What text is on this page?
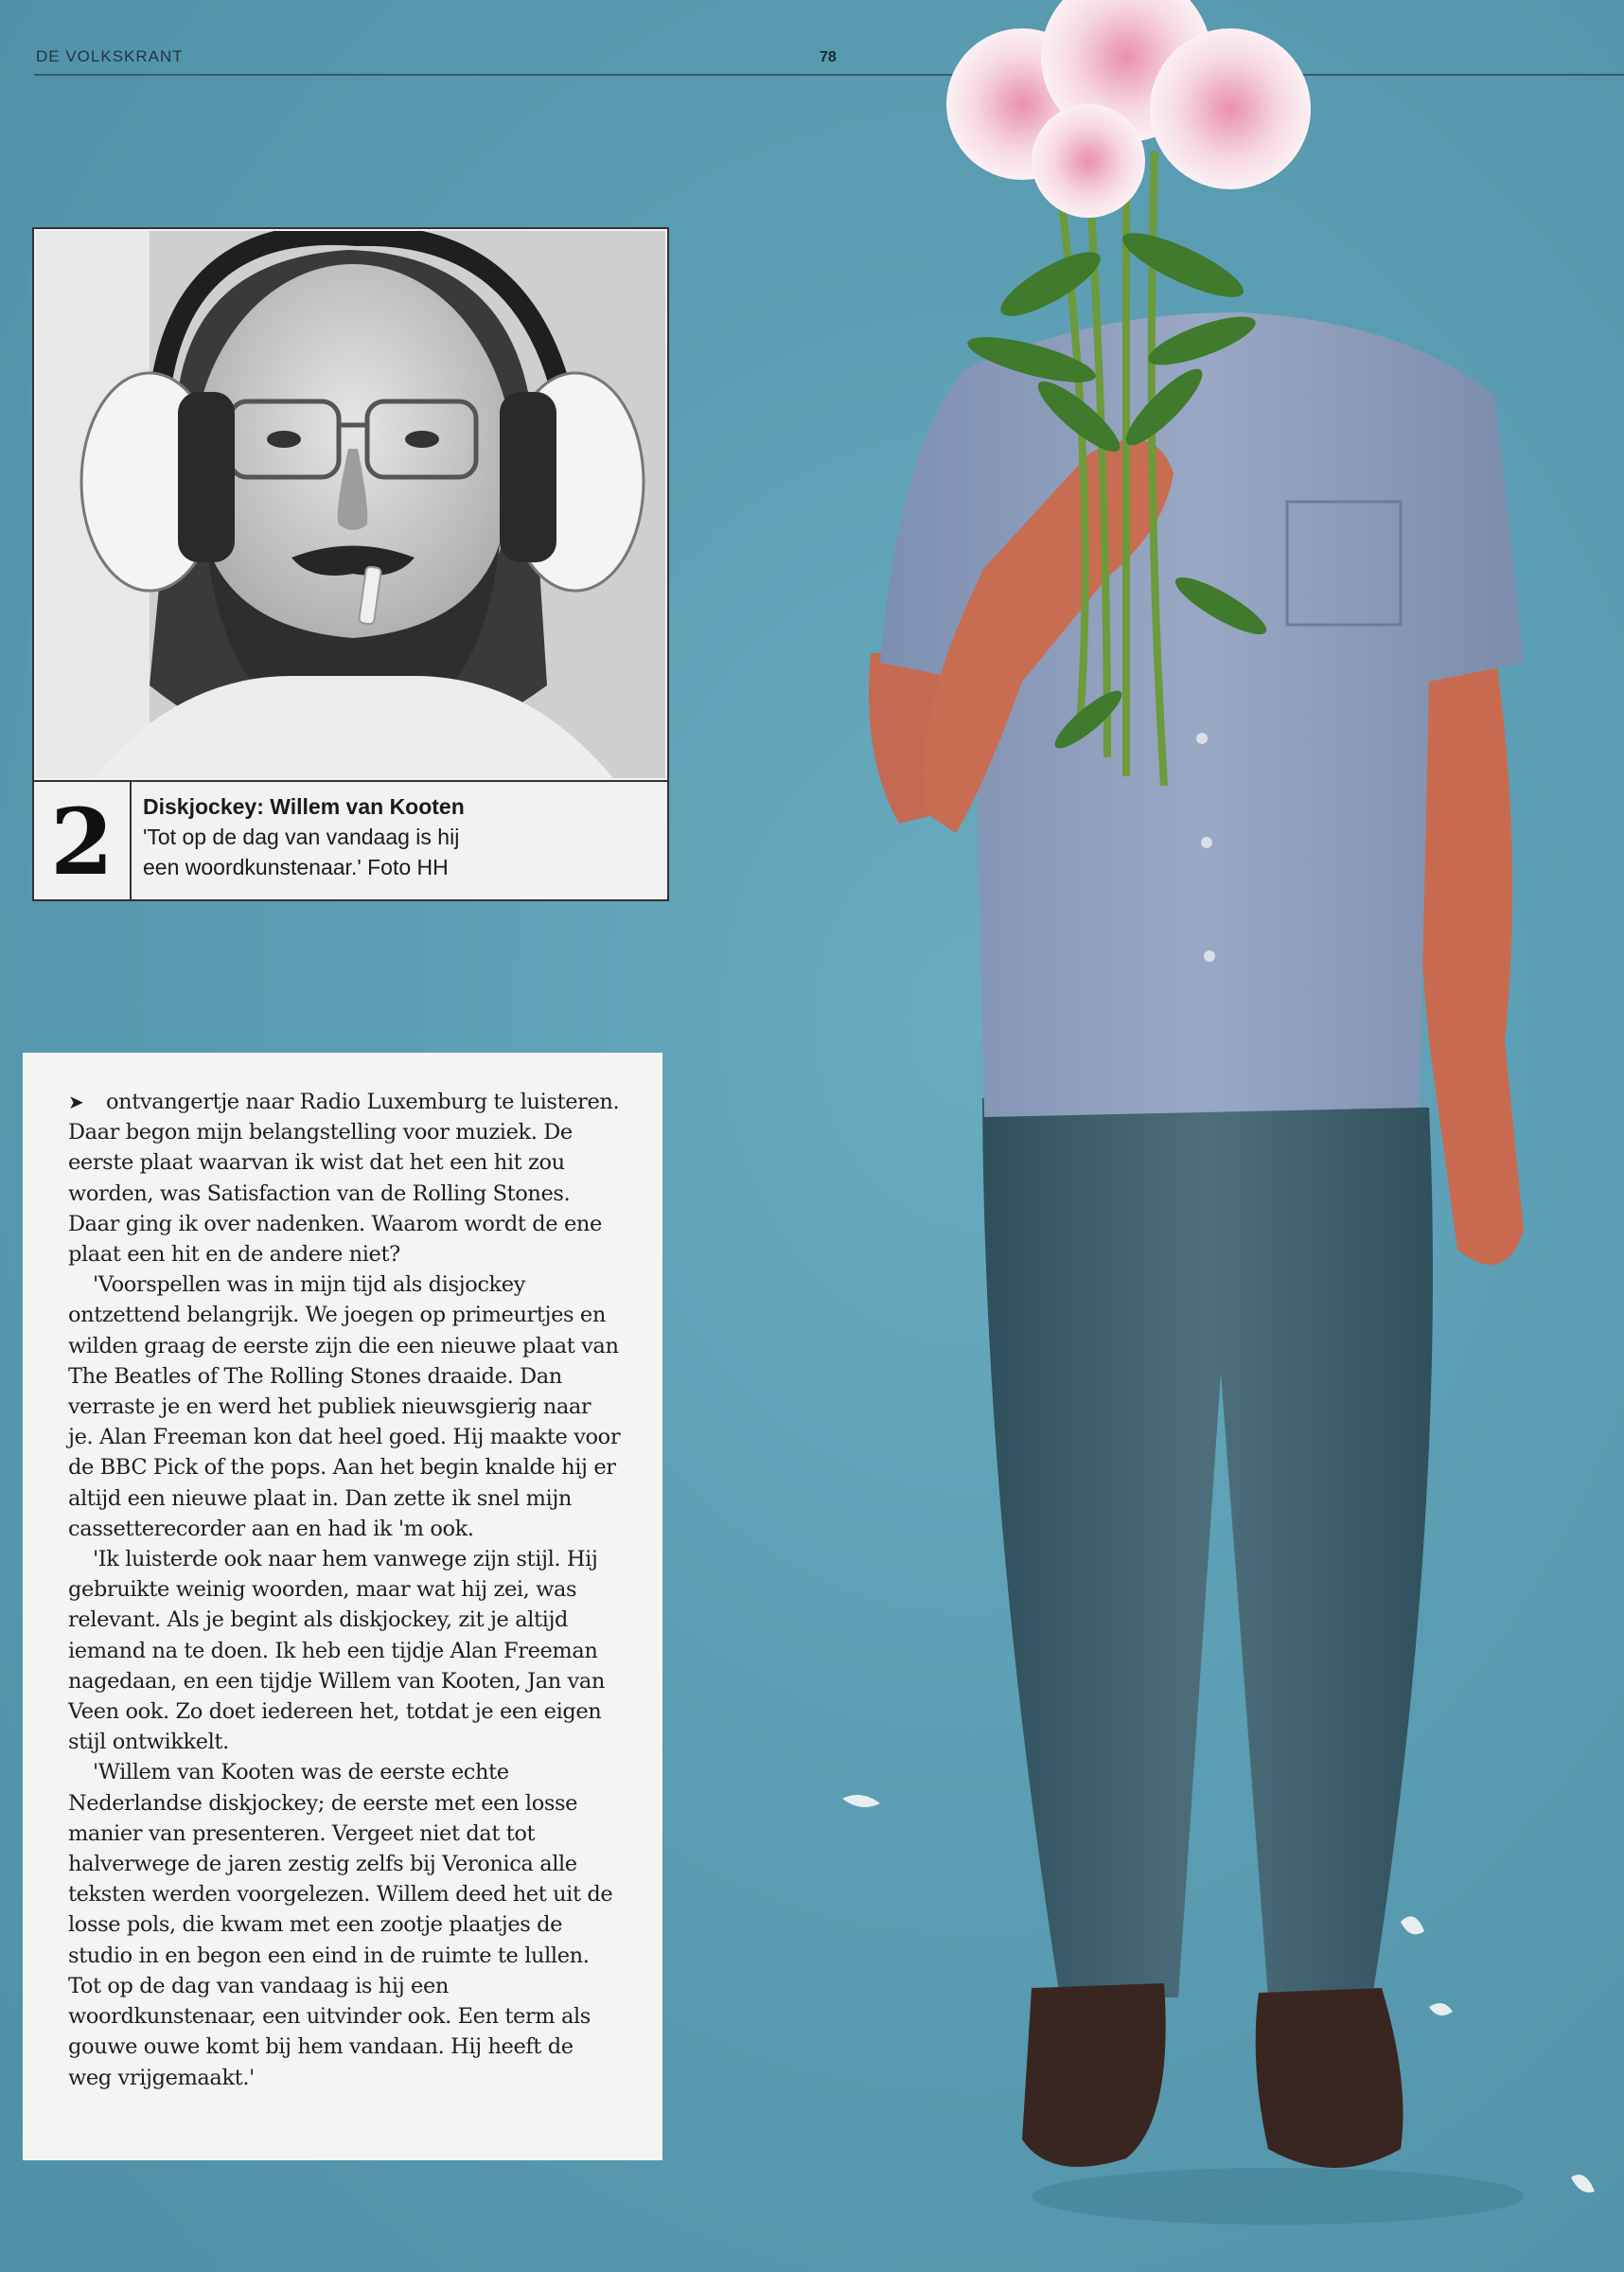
DE VOLKSKRANT	78
2	Diskjockey: Willem van Kooten
'Tot op de dag van vandaag is hij
een woordkunstenaar.' Foto HH

➤ ontvangertje naar Radio Luxemburg te luisteren. Daar begon mijn belangstelling voor muziek. De eerste plaat waarvan ik wist dat het een hit zou worden, was Satisfaction van de Rolling Stones. Daar ging ik over nadenken. Waarom wordt de ene plaat een hit en de andere niet?

'Voorspellen was in mijn tijd als disjockey ontzettend belangrijk. We joegen op primeurtjes en wilden graag de eerste zijn die een nieuwe plaat van The Beatles of The Rolling Stones draaide. Dan verraste je en werd het publiek nieuwsgierig naar je. Alan Freeman kon dat heel goed. Hij maakte voor de BBC Pick of the pops. Aan het begin knalde hij er altijd een nieuwe plaat in. Dan zette ik snel mijn cassetterecorder aan en had ik 'm ook.

'Ik luisterde ook naar hem vanwege zijn stijl. Hij gebruikte weinig woorden, maar wat hij zei, was relevant. Als je begint als diskjockey, zit je altijd iemand na te doen. Ik heb een tijdje Alan Freeman nagedaan, en een tijdje Willem van Kooten, Jan van Veen ook. Zo doet iedereen het, totdat je een eigen stijl ontwikkelt.

'Willem van Kooten was de eerste echte Nederlandse diskjockey; de eerste met een losse manier van presenteren. Vergeet niet dat tot halverwege de jaren zestig zelfs bij Veronica alle teksten werden voorgelezen. Willem deed het uit de losse pols, die kwam met een zootje plaatjes de studio in en begon een eind in de ruimte te lullen. Tot op de dag van vandaag is hij een woordkunstenaar, een uitvinder ook. Een term als gouwe ouwe komt bij hem vandaan. Hij heeft de weg vrijgemaakt.'
